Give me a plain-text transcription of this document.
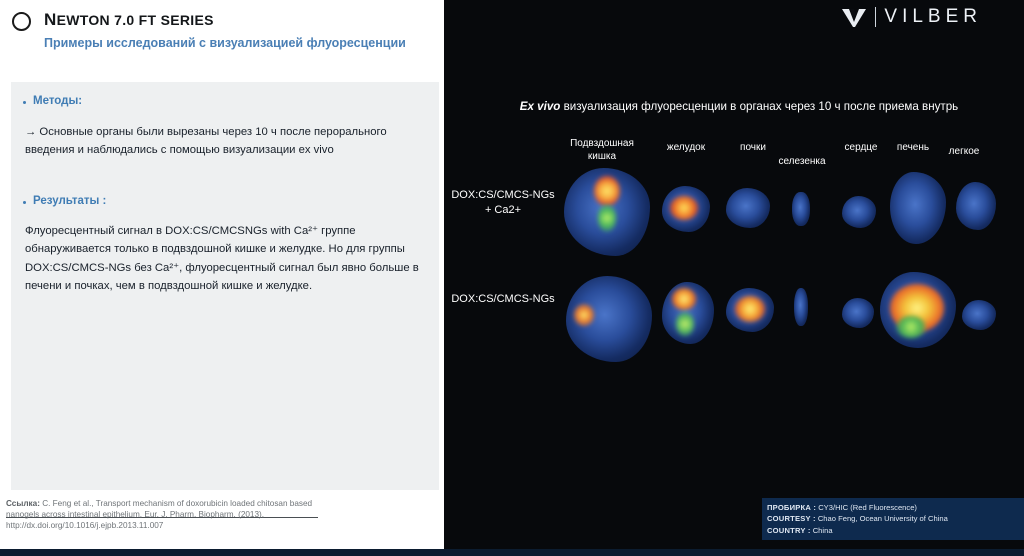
NEWTON 7.0 FT SERIES
Примеры исследований с визуализацией флуоресценции
Методы:
→ Основные органы были вырезаны через 10 ч после перорального введения и наблюдались с помощью визуализации ex vivo
Результаты :
Флуоресцентный сигнал в DOX:CS/CMCSNGs with Ca²⁺ группе обнаруживается только в подвздошной кишке и желудке. Но для группы DOX:CS/CMCS-NGs без Ca²⁺, флуоресцентный сигнал был явно больше в печени и почках, чем в подвздошной кишке и желудке.
Ссылка: C. Feng et al., Transport mechanism of doxorubicin loaded chitosan based nanogels across intestinal epithelium, Eur. J. Pharm. Biopharm. (2013), http://dx.doi.org/10.1016/j.ejpb.2013.11.007
VILBER
Ex vivo визуализация флуоресценции в органах через 10 ч после приема внутрь
Подвздошная кишка
желудок	почки
селезенка
сердце	печень	легкое
DOX:CS/CMCS-NGs + Ca2+
DOX:CS/CMCS-NGs
ПРОБИРКА : CY3/HIC (Red Fluorescence)
COURTESY : Chao Feng, Ocean University of China
COUNTRY : China
